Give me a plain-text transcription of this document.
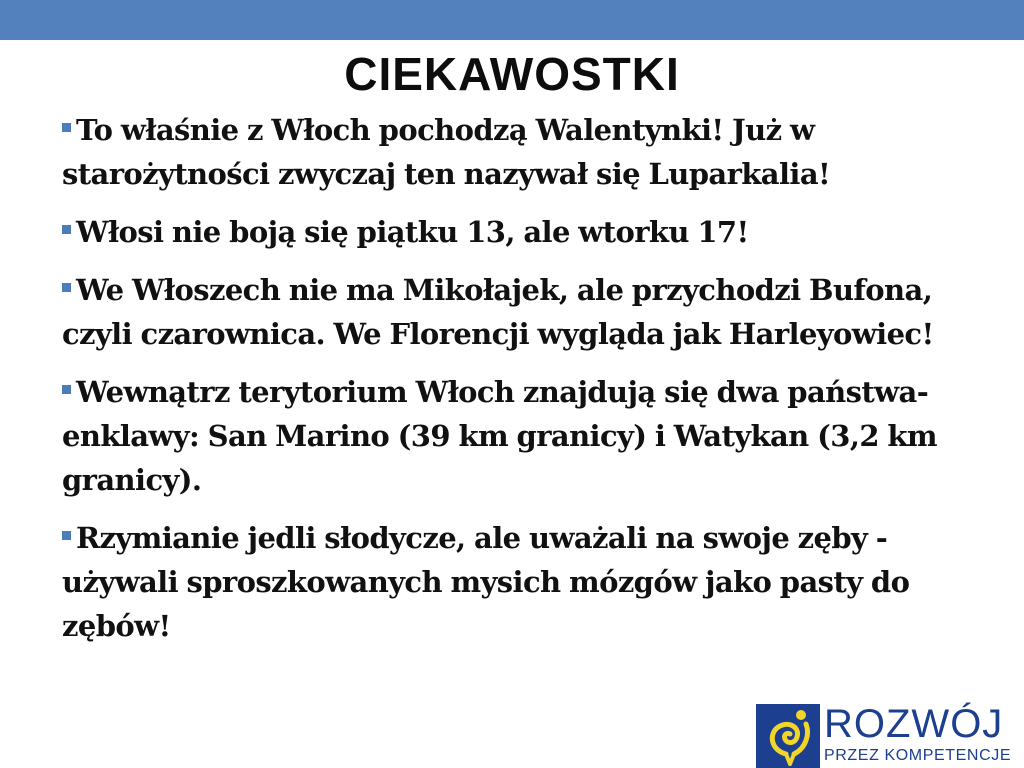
CIEKAWOSTKI
To właśnie z Włoch pochodzą Walentynki! Już w starożytności zwyczaj ten nazywał się Luparkalia!
Włosi nie boją się piątku 13, ale wtorku 17!
We Włoszech nie ma Mikołajek, ale przychodzi Bufona, czyli czarownica. We Florencji wygląda jak Harleyowiec!
Wewnątrz terytorium Włoch znajdują się dwa państwa- enklawy: San Marino (39 km granicy) i Watykan (3,2 km granicy).
Rzymianie jedli słodycze, ale uważali na swoje zęby - używali sproszkowanych mysich mózgów jako pasty do zębów!
ROZWÓJ
PRZEZ KOMPETENCJE
